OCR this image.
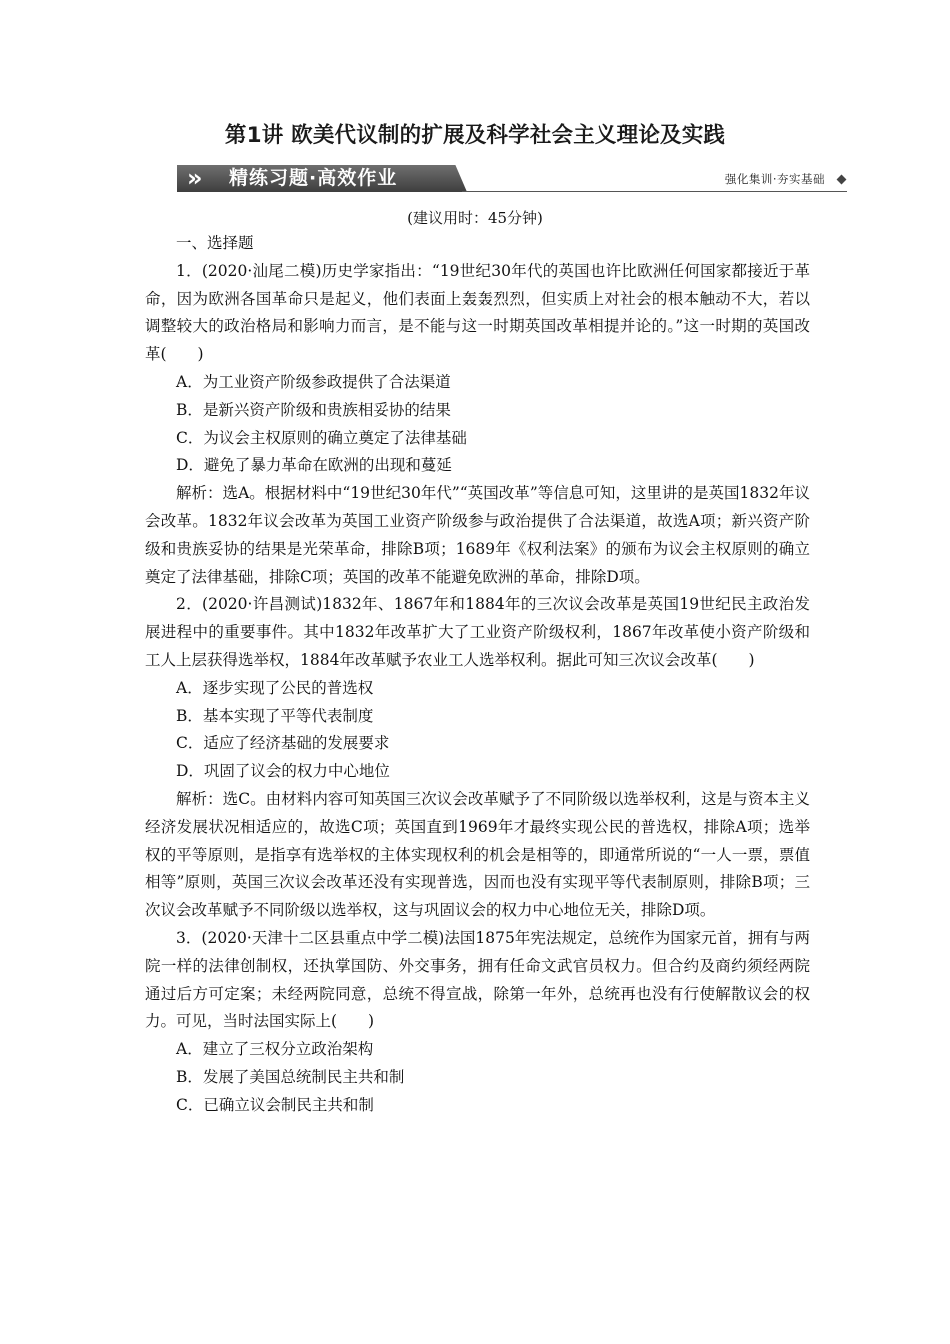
第1讲 欧美代议制的扩展及科学社会主义理论及实践
» 精练习题·高效作业	强化集训·夯实基础
(建议用时：45分钟)

一、选择题

1．(2020·汕尾二模)历史学家指出：“19世纪30年代的英国也许比欧洲任何国家都接近于革命，因为欧洲各国革命只是起义，他们表面上轰轰烈烈，但实质上对社会的根本触动不大，若以调整较大的政治格局和影响力而言，是不能与这一时期英国改革相提并论的。”这一时期的英国改革(　　)

A．为工业资产阶级参政提供了合法渠道

B．是新兴资产阶级和贵族相妥协的结果

C．为议会主权原则的确立奠定了法律基础

D．避免了暴力革命在欧洲的出现和蔓延

解析：选A。根据材料中“19世纪30年代”“英国改革”等信息可知，这里讲的是英国1832年议会改革。1832年议会改革为英国工业资产阶级参与政治提供了合法渠道，故选A项；新兴资产阶级和贵族妥协的结果是光荣革命，排除B项；1689年《权利法案》的颁布为议会主权原则的确立奠定了法律基础，排除C项；英国的改革不能避免欧洲的革命，排除D项。

2．(2020·许昌测试)1832年、1867年和1884年的三次议会改革是英国19世纪民主政治发展进程中的重要事件。其中1832年改革扩大了工业资产阶级权利，1867年改革使小资产阶级和工人上层获得选举权，1884年改革赋予农业工人选举权利。据此可知三次议会改革(　　)

A．逐步实现了公民的普选权

B．基本实现了平等代表制度

C．适应了经济基础的发展要求

D．巩固了议会的权力中心地位

解析：选C。由材料内容可知英国三次议会改革赋予了不同阶级以选举权利，这是与资本主义经济发展状况相适应的，故选C项；英国直到1969年才最终实现公民的普选权，排除A项；选举权的平等原则，是指享有选举权的主体实现权利的机会是相等的，即通常所说的“一人一票，票值相等”原则，英国三次议会改革还没有实现普选，因而也没有实现平等代表制原则，排除B项；三次议会改革赋予不同阶级以选举权，这与巩固议会的权力中心地位无关，排除D项。

3．(2020·天津十二区县重点中学二模)法国1875年宪法规定，总统作为国家元首，拥有与两院一样的法律创制权，还执掌国防、外交事务，拥有任命文武官员权力。但合约及商约须经两院通过后方可定案；未经两院同意，总统不得宣战，除第一年外，总统再也没有行使解散议会的权力。可见，当时法国实际上(　　)

A．建立了三权分立政治架构

B．发展了美国总统制民主共和制

C．已确立议会制民主共和制
